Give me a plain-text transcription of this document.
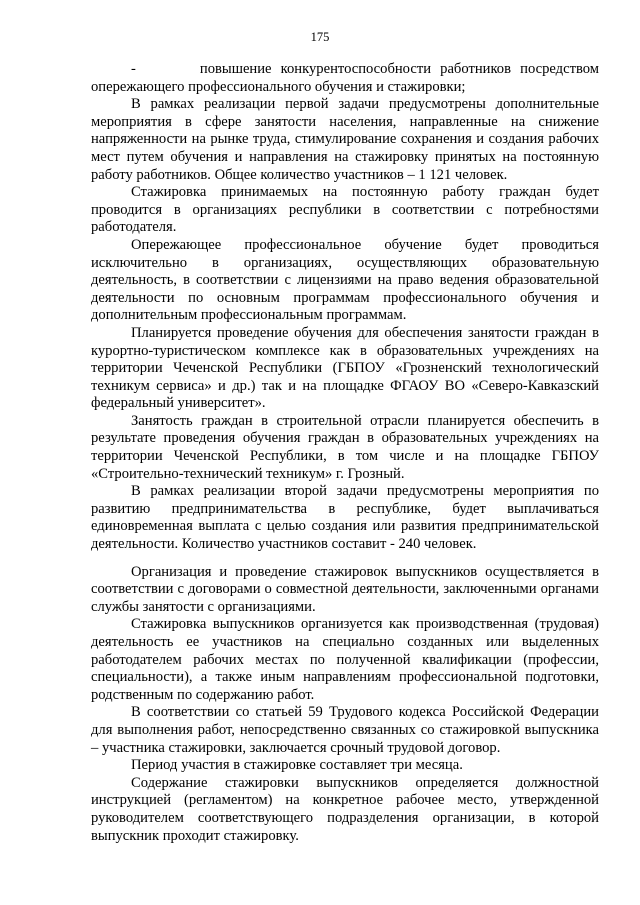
175

-       повышение конкурентоспособности работников посредством опережающего профессионального обучения и стажировки;

В рамках реализации первой задачи предусмотрены дополнительные мероприятия в сфере занятости населения, направленные на снижение напряженности на рынке труда, стимулирование сохранения и создания рабочих мест путем обучения и направления на стажировку принятых на постоянную работу работников. Общее количество участников – 1 121 человек.

Стажировка принимаемых на постоянную работу граждан будет проводится в организациях республики в соответствии с потребностями работодателя.

Опережающее профессиональное обучение будет проводиться исключительно в организациях, осуществляющих образовательную деятельность, в соответствии с лицензиями на право ведения образовательной деятельности по основным программам профессионального обучения и дополнительным профессиональным программам.

Планируется проведение обучения для обеспечения занятости граждан в курортно-туристическом комплексе как в образовательных учреждениях на территории Чеченской Республики (ГБПОУ «Грозненский технологический техникум сервиса» и др.) так и на площадке ФГАОУ ВО «Северо-Кавказский федеральный университет».

Занятость граждан в строительной отрасли планируется обеспечить в результате проведения обучения граждан в образовательных учреждениях на территории Чеченской Республики, в том числе и на площадке ГБПОУ «Строительно-технический техникум» г. Грозный.

В рамках реализации второй задачи предусмотрены мероприятия по развитию предпринимательства в республике, будет выплачиваться единовременная выплата с целью создания или развития предпринимательской деятельности. Количество участников составит - 240 человек.

Организация и проведение стажировок выпускников осуществляется в соответствии с договорами о совместной деятельности, заключенными органами службы занятости с организациями.

Стажировка выпускников организуется как производственная (трудовая) деятельность ее участников на специально созданных или выделенных работодателем рабочих местах по полученной квалификации (профессии, специальности), а также иным направлениям профессиональной подготовки, родственным по содержанию работ.

В соответствии со статьей 59 Трудового кодекса Российской Федерации для выполнения работ, непосредственно связанных со стажировкой выпускника – участника стажировки, заключается срочный трудовой договор.

Период участия в стажировке составляет три месяца.

Содержание стажировки выпускников определяется должностной инструкцией (регламентом) на конкретное рабочее место, утвержденной руководителем соответствующего подразделения организации, в которой выпускник проходит стажировку.
